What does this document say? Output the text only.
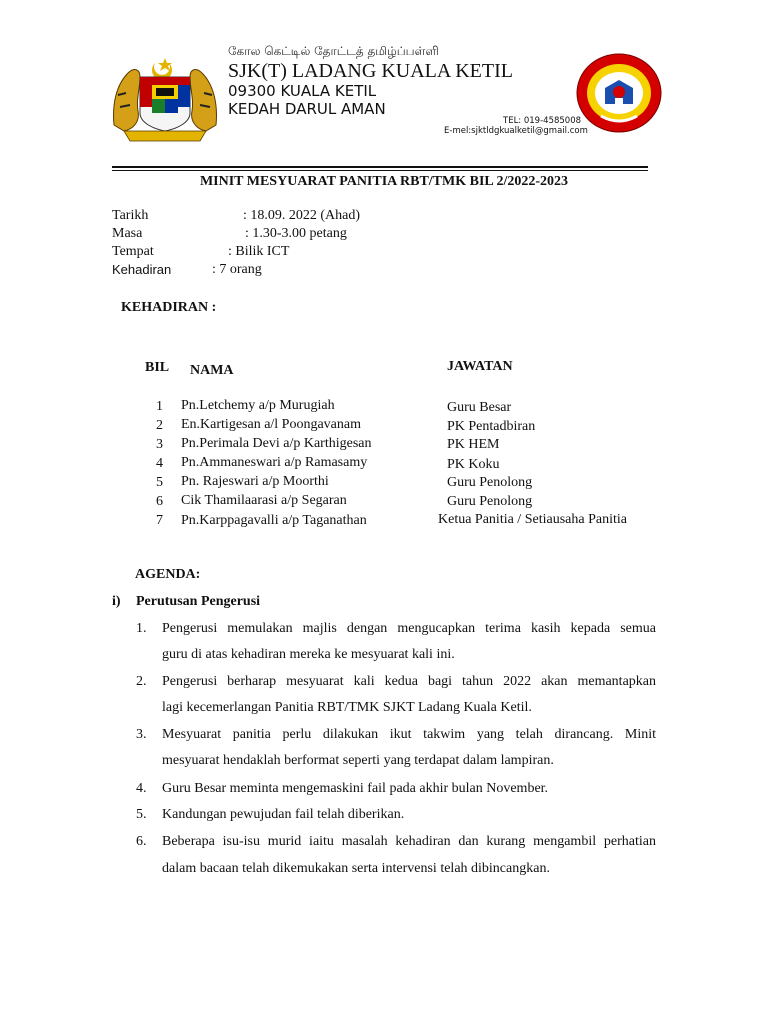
கோல கெட்டில் தோட்டத் தமிழ்ப்பள்ளி
SJK(T) LADANG KUALA KETIL
09300 KUALA KETIL
KEDAH DARUL AMAN
TEL: 019-4585008
E-mel:sjktldgkualketil@gmail.com
MINIT MESYUARAT PANITIA RBT/TMK BIL 2/2022-2023
Tarikh	: 18.09. 2022 (Ahad)
Masa	: 1.30-3.00 petang
Tempat	: Bilik ICT
Kehadiran	: 7 orang
KEHADIRAN :
BIL NAMA	JAWATAN
1 Pn.Letchemy a/p Murugiah	Guru Besar
2 En.Kartigesan a/l Poongavanam	PK Pentadbiran
3 Pn.Perimala Devi a/p Karthigesan	PK HEM
4 Pn.Ammaneswari a/p Ramasamy	PK Koku
5 Pn. Rajeswari a/p Moorthi	Guru Penolong
6 Cik Thamilaarasi a/p Segaran	Guru Penolong
7 Pn.Karppagavalli a/p Taganathan	Ketua Panitia / Setiausaha Panitia
AGENDA:
i) Perutusan Pengerusi
1.	Pengerusi memulakan majlis dengan mengucapkan terima kasih kepada semua
guru di atas kehadiran mereka ke mesyuarat kali ini.
2.	Pengerusi berharap mesyuarat kali kedua bagi tahun 2022 akan memantapkan
lagi kecemerlangan Panitia RBT/TMK SJKT Ladang Kuala Ketil.
3.	Mesyuarat panitia perlu dilakukan ikut takwim yang telah dirancang. Minit
mesyuarat hendaklah berformat seperti yang terdapat dalam lampiran.
4.	Guru Besar meminta mengemaskini fail pada akhir bulan November.
5.	Kandungan pewujudan fail telah diberikan.
6.	Beberapa isu-isu murid iaitu masalah kehadiran dan kurang mengambil perhatian
dalam bacaan telah dikemukakan serta intervensi telah dibincangkan.
